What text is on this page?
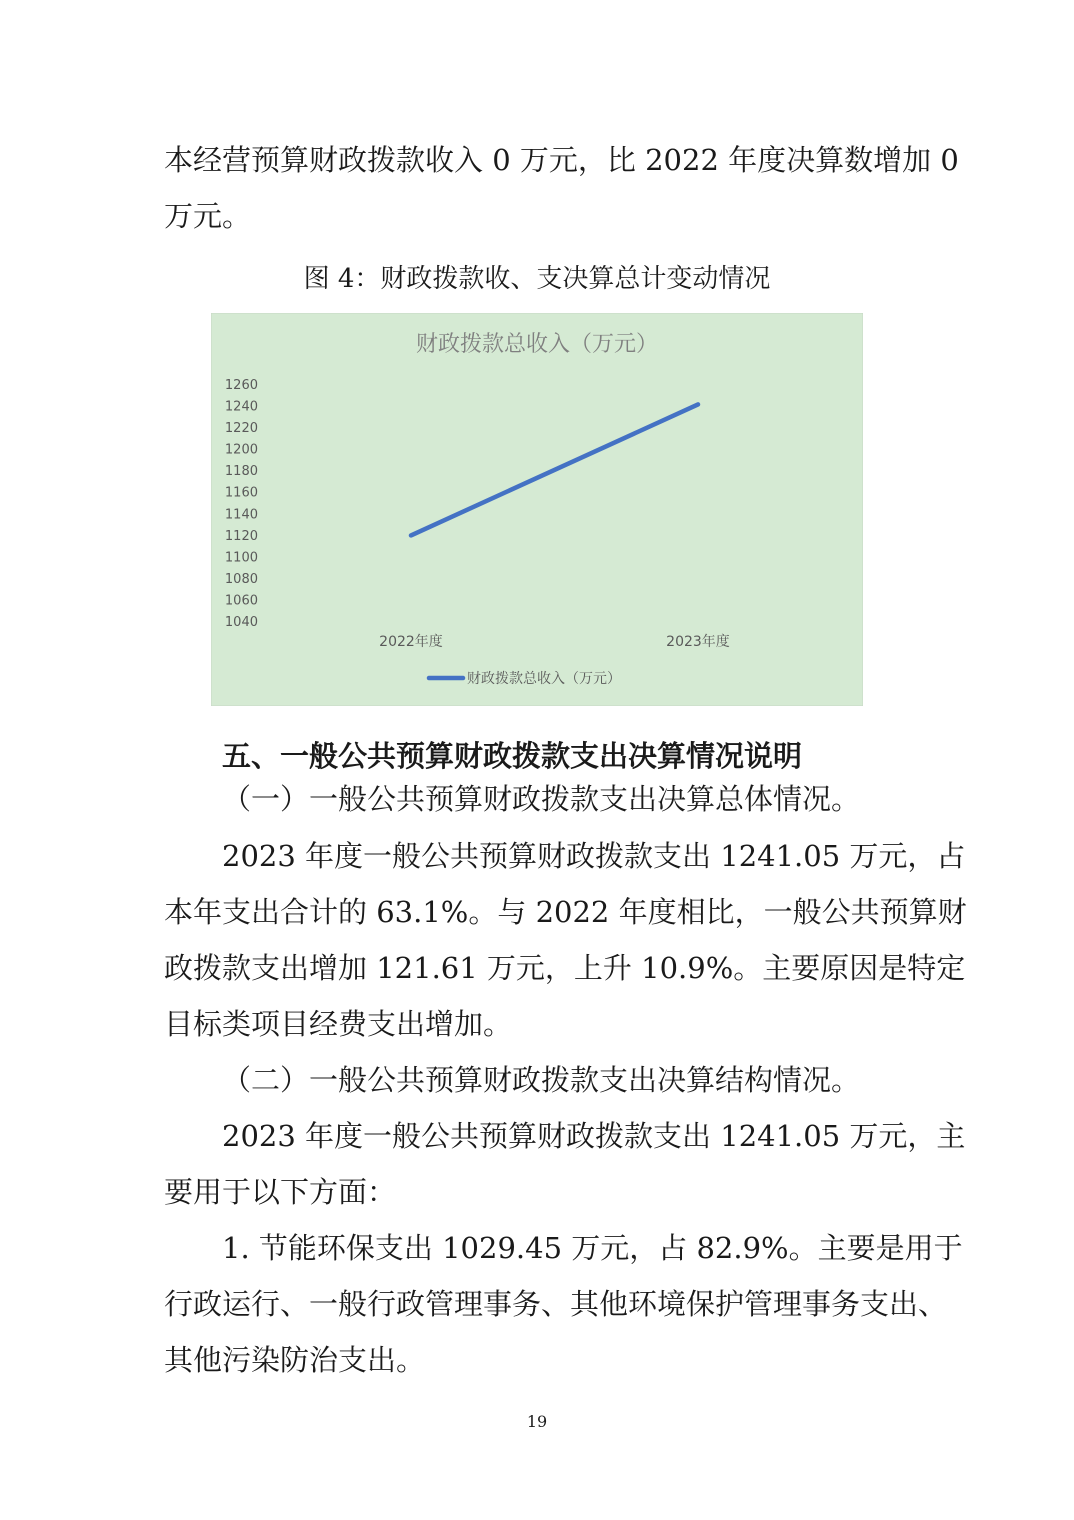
本经营预算财政拨款收入 0 万元，比 2022 年度决算数增加 0
万元。
图 4：财政拨款收、支决算总计变动情况
财政拨款总收入（万元）
1040
1060
1080
1100
1120
1140
1160
1180
1200
1220
1240
1260
2022年度	2023年度
财政拨款总收入（万元）
五、一般公共预算财政拨款支出决算情况说明
（一）一般公共预算财政拨款支出决算总体情况。
2023 年度一般公共预算财政拨款支出 1241.05 万元，占
本年支出合计的 63.1%。与 2022 年度相比，一般公共预算财
政拨款支出增加 121.61 万元，上升 10.9%。主要原因是特定
目标类项目经费支出增加。
（二）一般公共预算财政拨款支出决算结构情况。
2023 年度一般公共预算财政拨款支出 1241.05 万元，主
要用于以下方面：
1. 节能环保支出 1029.45 万元，占 82.9%。主要是用于
行政运行、一般行政管理事务、其他环境保护管理事务支出、
其他污染防治支出。
19
